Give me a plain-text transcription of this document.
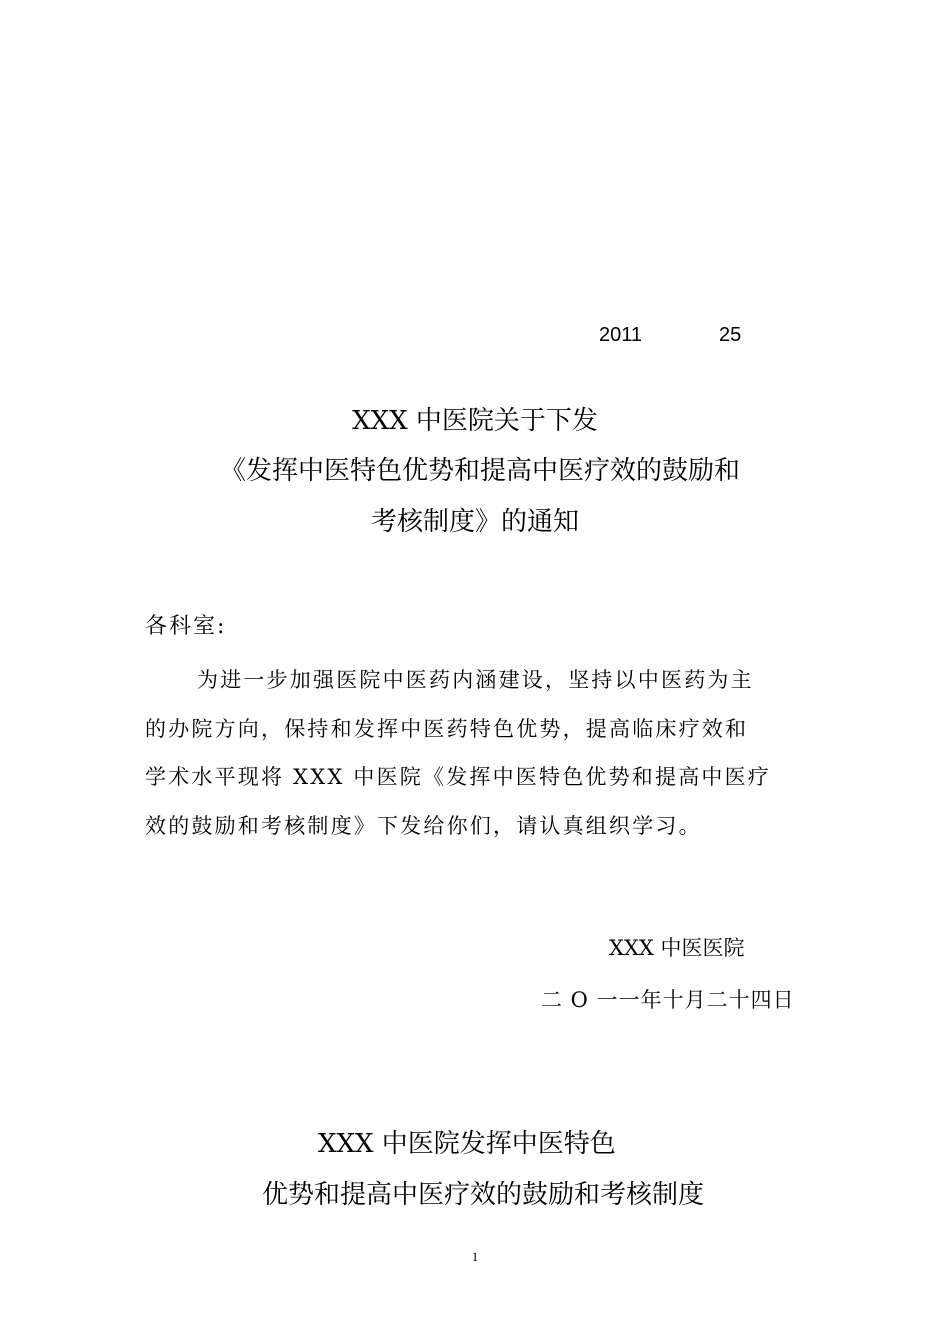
2011	25
XXX 中医院关于下发
《发挥中医特色优势和提高中医疗效的鼓励和
考核制度》的通知
各科室:
为进一步加强医院中医药内涵建设，坚持以中医药为主
的办院方向，保持和发挥中医药特色优势，提高临床疗效和
学术水平现将 XXX 中医院《发挥中医特色优势和提高中医疗
效的鼓励和考核制度》下发给你们，请认真组织学习。
XXX 中医医院
二 O 一一年十月二十四日
XXX 中医院发挥中医特色
优势和提高中医疗效的鼓励和考核制度
1
